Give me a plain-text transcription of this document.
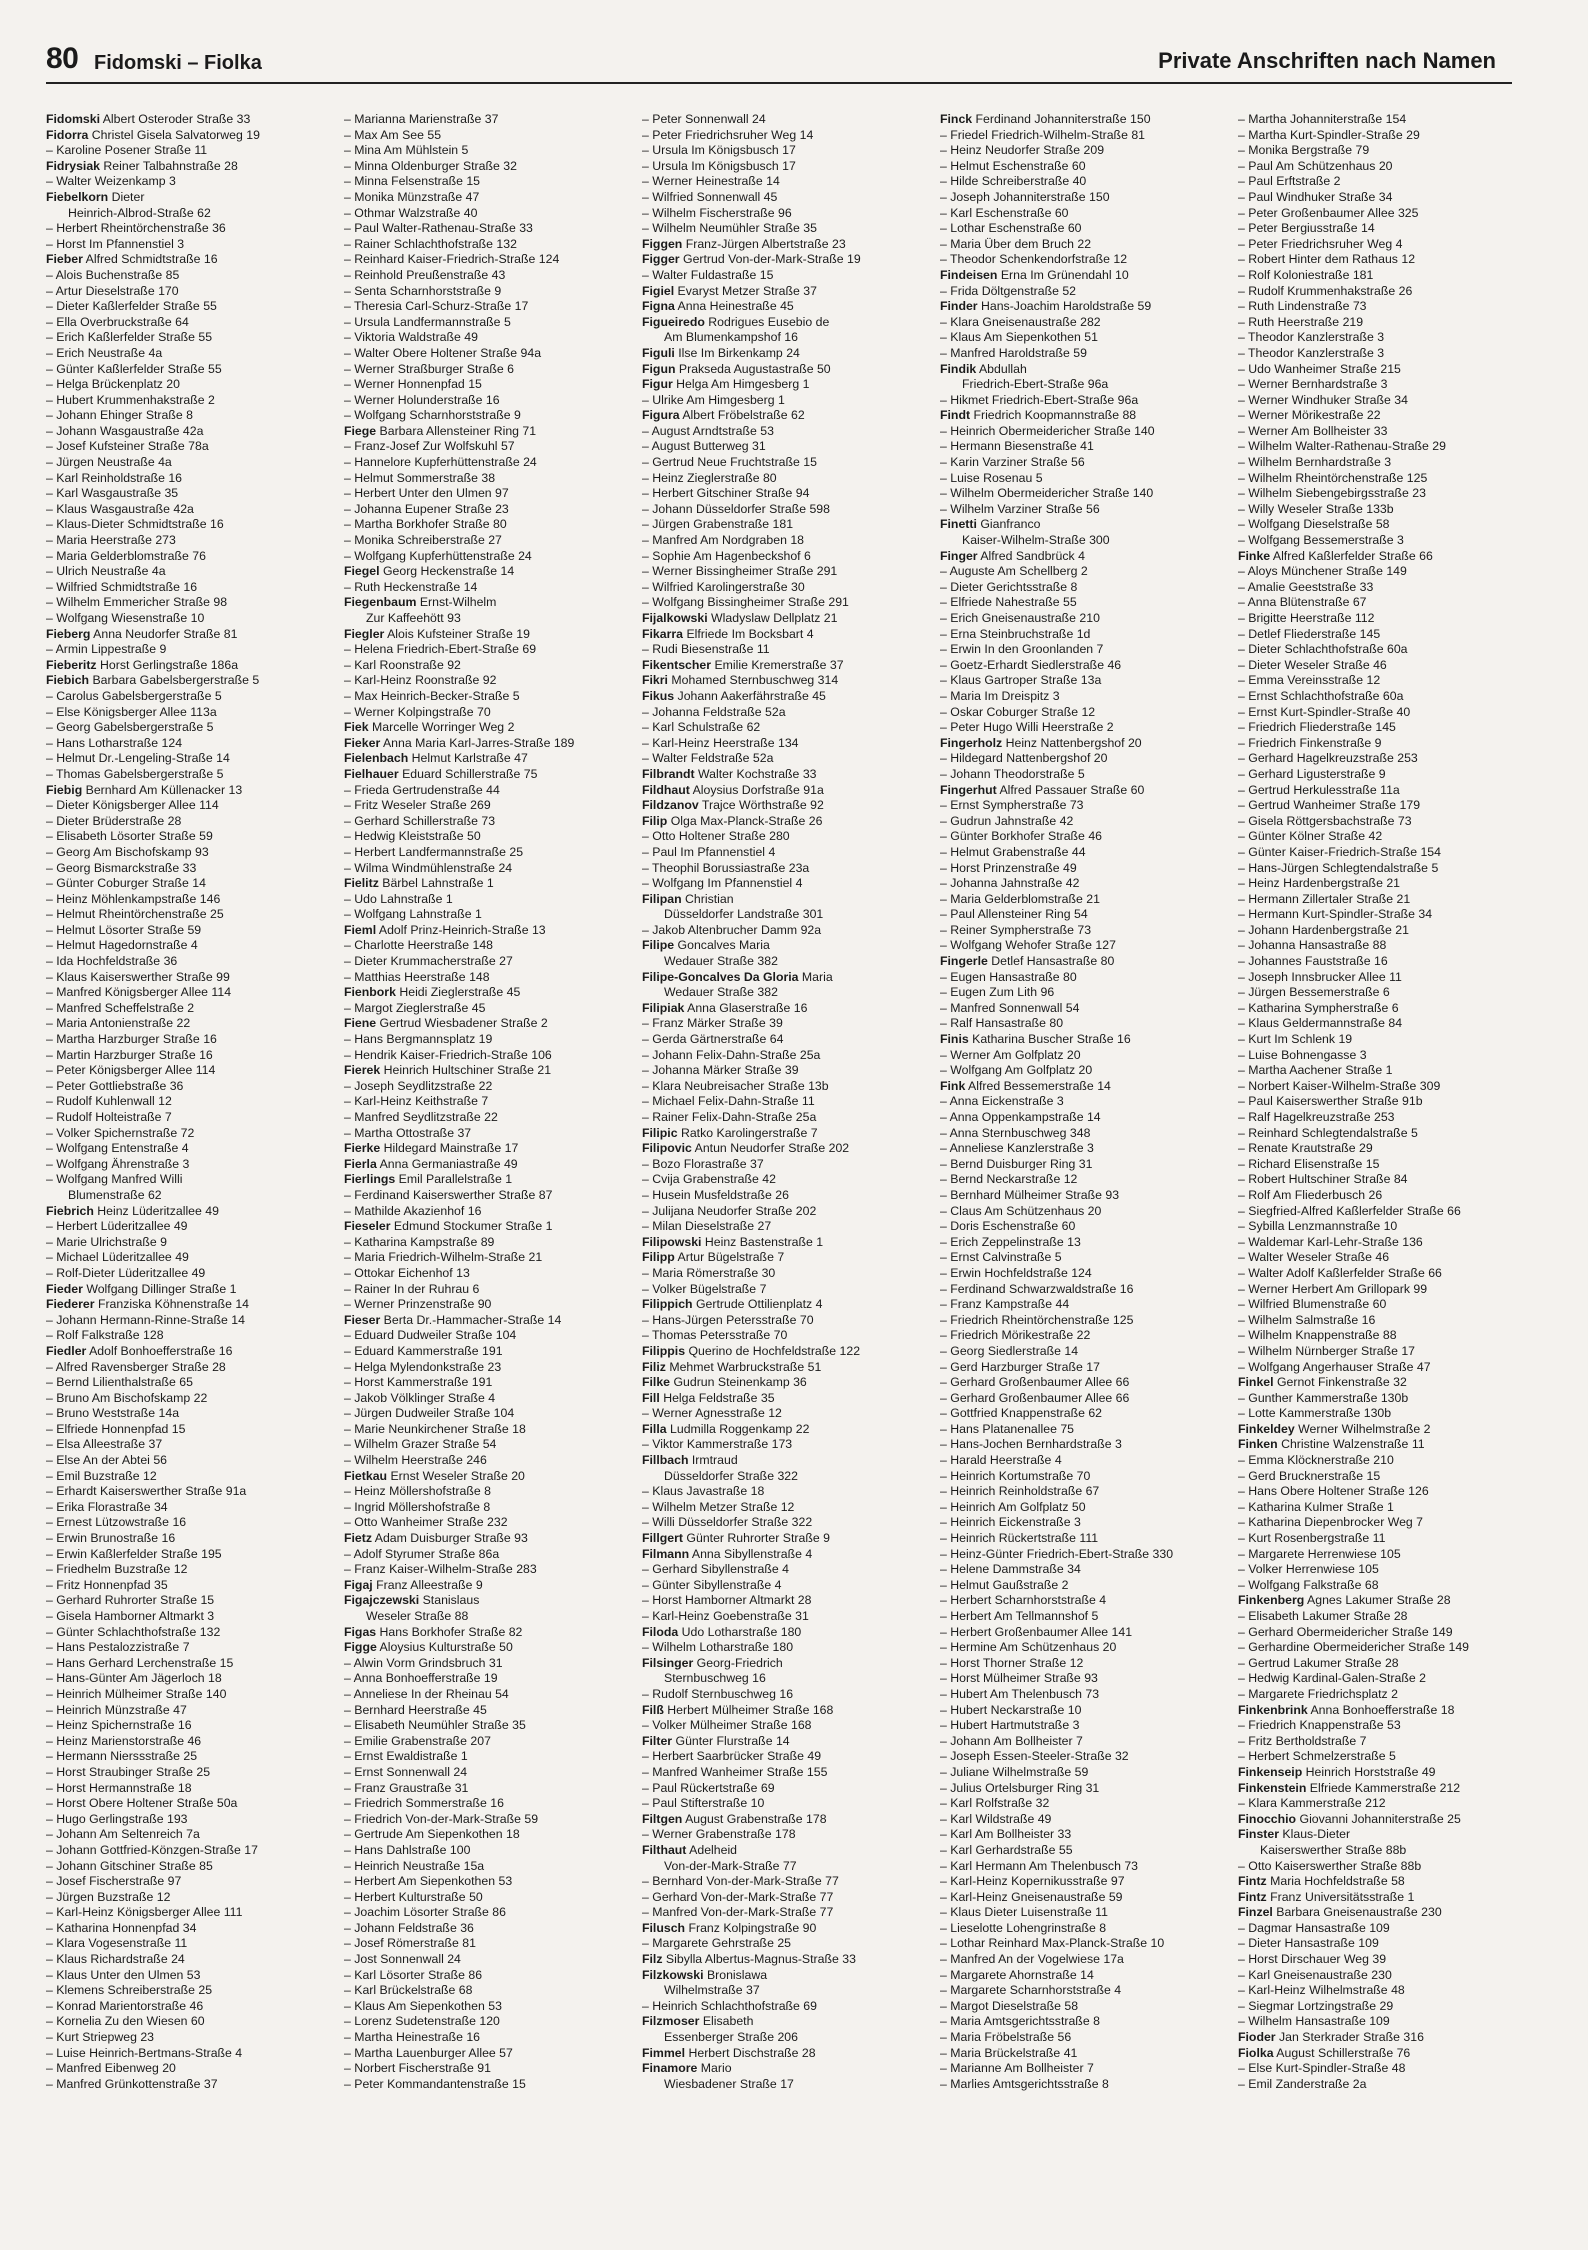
80 Fidomski – Fiolka	Private Anschriften nach Namen
Fidomski Albert Osteroder Straße 33
Fidorra Christel Gisela Salvatorweg 19
– Karoline Posener Straße 11
Fidrysiak Reiner Talbahnstraße 28
– Walter Weizenkamp 3
Fiebelkorn Dieter
Heinrich-Albrod-Straße 62
– Herbert Rheintörchenstraße 36
– Horst Im Pfannenstiel 3
Fieber Alfred Schmidtstraße 16
– Alois Buchenstraße 85
– Artur Dieselstraße 170
– Dieter Kaßlerfelder Straße 55
– Ella Overbruckstraße 64
– Erich Kaßlerfelder Straße 55
– Erich Neustraße 4a
– Günter Kaßlerfelder Straße 55
– Helga Brückenplatz 20
– Hubert Krummenhakstraße 2
– Johann Ehinger Straße 8
– Johann Wasgaustraße 42a
– Josef Kufsteiner Straße 78a
– Jürgen Neustraße 4a
– Karl Reinholdstraße 16
– Karl Wasgaustraße 35
– Klaus Wasgaustraße 42a
– Klaus-Dieter Schmidtstraße 16
– Maria Heerstraße 273
– Maria Gelderblomstraße 76
– Ulrich Neustraße 4a
– Wilfried Schmidtstraße 16
– Wilhelm Emmericher Straße 98
– Wolfgang Wiesenstraße 10
Fieberg Anna Neudorfer Straße 81
– Armin Lippestraße 9
Fieberitz Horst Gerlingstraße 186a
Fiebich Barbara Gabelsbergerstraße 5
– Carolus Gabelsbergerstraße 5
– Else Königsberger Allee 113a
– Georg Gabelsbergerstraße 5
– Hans Lotharstraße 124
– Helmut Dr.-Lengeling-Straße 14
– Thomas Gabelsbergerstraße 5
Fiebig Bernhard Am Küllenacker 13
– Dieter Königsberger Allee 114
– Dieter Brüderstraße 28
– Elisabeth Lösorter Straße 59
– Georg Am Bischofskamp 93
– Georg Bismarckstraße 33
– Günter Coburger Straße 14
– Heinz Möhlenkampstraße 146
– Helmut Rheintörchenstraße 25
– Helmut Lösorter Straße 59
– Helmut Hagedornstraße 4
– Ida Hochfeldstraße 36
– Klaus Kaiserswerther Straße 99
– Manfred Königsberger Allee 114
– Manfred Scheffelstraße 2
– Maria Antonienstraße 22
– Martha Harzburger Straße 16
– Martin Harzburger Straße 16
– Peter Königsberger Allee 114
– Peter Gottliebstraße 36
– Rudolf Kuhlenwall 12
– Rudolf Holteistraße 7
– Volker Spichernstraße 72
– Wolfgang Entenstraße 4
– Wolfgang Ährenstraße 3
– Wolfgang Manfred Willi
Blumenstraße 62
Fiebrich Heinz Lüderitzallee 49
– Herbert Lüderitzallee 49
– Marie Ulrichstraße 9
– Michael Lüderitzallee 49
– Rolf-Dieter Lüderitzallee 49
Fieder Wolfgang Dillinger Straße 1
Fiederer Franziska Köhnenstraße 14
– Johann Hermann-Rinne-Straße 14
– Rolf Falkstraße 128
Fiedler Adolf Bonhoefferstraße 16
– Alfred Ravensberger Straße 28
– Bernd Lilienthalstraße 65
– Bruno Am Bischofskamp 22
– Bruno Weststraße 14a
– Elfriede Honnenpfad 15
– Elsa Alleestraße 37
– Else An der Abtei 56
– Emil Buzstraße 12
– Erhardt Kaiserswerther Straße 91a
– Erika Florastraße 34
– Ernest Lützowstraße 16
– Erwin Brunostraße 16
– Erwin Kaßlerfelder Straße 195
– Friedhelm Buzstraße 12
– Fritz Honnenpfad 35
– Gerhard Ruhrorter Straße 15
– Gisela Hamborner Altmarkt 3
– Günter Schlachthofstraße 132
– Hans Pestalozzistraße 7
– Hans Gerhard Lerchenstraße 15
– Hans-Günter Am Jägerloch 18
– Heinrich Mülheimer Straße 140
– Heinrich Münzstraße 47
– Heinz Spichernstraße 16
– Heinz Marienstorstraße 46
– Hermann Nierssstraße 25
– Horst Straubinger Straße 25
– Horst Hermannstraße 18
– Horst Obere Holtener Straße 50a
– Hugo Gerlingstraße 193
– Johann Am Seltenreich 7a
– Johann Gottfried-Könzgen-Straße 17
– Johann Gitschiner Straße 85
– Josef Fischerstraße 97
– Jürgen Buzstraße 12
– Karl-Heinz Königsberger Allee 111
– Katharina Honnenpfad 34
– Klara Vogesenstraße 11
– Klaus Richardstraße 24
– Klaus Unter den Ulmen 53
– Klemens Schreiberstraße 25
– Konrad Marientorstraße 46
– Kornelia Zu den Wiesen 60
– Kurt Striepweg 23
– Luise Heinrich-Bertmans-Straße 4
– Manfred Eibenweg 20
– Manfred Grünkottenstraße 37
– Marianna Marienstraße 37
– Max Am See 55
– Mina Am Mühlstein 5
– Minna Oldenburger Straße 32
– Minna Felsenstraße 15
– Monika Münzstraße 47
– Othmar Walzstraße 40
– Paul Walter-Rathenau-Straße 33
– Rainer Schlachthofstraße 132
– Reinhard Kaiser-Friedrich-Straße 124
– Reinhold Preußenstraße 43
– Senta Scharnhorststraße 9
– Theresia Carl-Schurz-Straße 17
– Ursula Landfermannstraße 5
– Viktoria Waldstraße 49
– Walter Obere Holtener Straße 94a
– Werner Straßburger Straße 6
– Werner Honnenpfad 15
– Werner Holunderstraße 16
– Wolfgang Scharnhorststraße 9
Fiege Barbara Allensteiner Ring 71
– Franz-Josef Zur Wolfskuhl 57
– Hannelore Kupferhüttenstraße 24
– Helmut Sommerstraße 38
– Herbert Unter den Ulmen 97
– Johanna Eupener Straße 23
– Martha Borkhofer Straße 80
– Monika Schreiberstraße 27
– Wolfgang Kupferhüttenstraße 24
Fiegel Georg Heckenstraße 14
– Ruth Heckenstraße 14
Fiegenbaum Ernst-Wilhelm
Zur Kaffeehött 93
Fiegler Alois Kufsteiner Straße 19
– Helena Friedrich-Ebert-Straße 69
– Karl Roonstraße 92
– Karl-Heinz Roonstraße 92
– Max Heinrich-Becker-Straße 5
– Werner Kolpingstraße 70
Fiek Marcelle Worringer Weg 2
Fieker Anna Maria Karl-Jarres-Straße 189
Fielenbach Helmut Karlstraße 47
Fielhauer Eduard Schillerstraße 75
– Frieda Gertrudenstraße 44
– Fritz Weseler Straße 269
– Gerhard Schillerstraße 73
– Hedwig Kleiststraße 50
– Herbert Landfermannstraße 25
– Wilma Windmühlenstraße 24
Fielitz Bärbel Lahnstraße 1
– Udo Lahnstraße 1
– Wolfgang Lahnstraße 1
Fieml Adolf Prinz-Heinrich-Straße 13
– Charlotte Heerstraße 148
– Dieter Krummacherstraße 27
– Matthias Heerstraße 148
Fienbork Heidi Zieglerstraße 45
– Margot Zieglerstraße 45
Fiene Gertrud Wiesbadener Straße 2
– Hans Bergmannsplatz 19
– Hendrik Kaiser-Friedrich-Straße 106
Fierek Heinrich Hultschiner Straße 21
– Joseph Seydlitzstraße 22
– Karl-Heinz Keithstraße 7
– Manfred Seydlitzstraße 22
– Martha Ottostraße 37
Fierke Hildegard Mainstraße 17
Fierla Anna Germaniastraße 49
Fierlings Emil Parallelstraße 1
– Ferdinand Kaiserswerther Straße 87
– Mathilde Akazienhof 16
Fieseler Edmund Stockumer Straße 1
– Katharina Kampstraße 89
– Maria Friedrich-Wilhelm-Straße 21
– Ottokar Eichenhof 13
– Rainer In der Ruhrau 6
– Werner Prinzenstraße 90
Fieser Berta Dr.-Hammacher-Straße 14
– Eduard Dudweiler Straße 104
– Eduard Kammerstraße 191
– Helga Mylendonkstraße 23
– Horst Kammerstraße 191
– Jakob Völklinger Straße 4
– Jürgen Dudweiler Straße 104
– Marie Neunkirchener Straße 18
– Wilhelm Grazer Straße 54
– Wilhelm Heerstraße 246
Fietkau Ernst Weseler Straße 20
– Heinz Möllershofstraße 8
– Ingrid Möllershofstraße 8
– Otto Wanheimer Straße 232
Fietz Adam Duisburger Straße 93
– Adolf Styrumer Straße 86a
– Franz Kaiser-Wilhelm-Straße 283
Figaj Franz Alleestraße 9
Figajczewski Stanislaus
Weseler Straße 88
Figas Hans Borkhofer Straße 82
Figge Aloysius Kulturstraße 50
– Alwin Vorm Grindsbruch 31
– Anna Bonhoefferstraße 19
– Anneliese In der Rheinau 54
– Bernhard Heerstraße 45
– Elisabeth Neumühler Straße 35
– Emilie Grabenstraße 207
– Ernst Ewaldistraße 1
– Ernst Sonnenwall 24
– Franz Graustraße 31
– Friedrich Sommerstraße 16
– Friedrich Von-der-Mark-Straße 59
– Gertrude Am Siepenkothen 18
– Hans Dahlstraße 100
– Heinrich Neustraße 15a
– Herbert Am Siepenkothen 53
– Herbert Kulturstraße 50
– Joachim Lösorter Straße 86
– Johann Feldstraße 36
– Josef Römerstraße 81
– Jost Sonnenwall 24
– Karl Lösorter Straße 86
– Karl Brückelstraße 68
– Klaus Am Siepenkothen 53
– Lorenz Sudetenstraße 120
– Martha Heinestraße 16
– Martha Lauenburger Allee 57
– Norbert Fischerstraße 91
– Peter Kommandantenstraße 15
– Peter Sonnenwall 24
– Peter Friedrichsruher Weg 14
– Ursula Im Königsbusch 17
– Ursula Im Königsbusch 17
– Werner Heinestraße 14
– Wilfried Sonnenwall 45
– Wilhelm Fischerstraße 96
– Wilhelm Neumühler Straße 35
Figgen Franz-Jürgen Albertstraße 23
Figger Gertrud Von-der-Mark-Straße 19
– Walter Fuldastraße 15
Figiel Evaryst Metzer Straße 37
Figna Anna Heinestraße 45
Figueiredo Rodrigues Eusebio de
Am Blumenkampshof 16
Figuli Ilse Im Birkenkamp 24
Figun Prakseda Augustastraße 50
Figur Helga Am Himgesberg 1
– Ulrike Am Himgesberg 1
Figura Albert Fröbelstraße 62
– August Arndtstraße 53
– August Butterweg 31
– Gertrud Neue Fruchtstraße 15
– Heinz Zieglerstraße 80
– Herbert Gitschiner Straße 94
– Johann Düsseldorfer Straße 598
– Jürgen Grabenstraße 181
– Manfred Am Nordgraben 18
– Sophie Am Hagenbeckshof 6
– Werner Bissingheimer Straße 291
– Wilfried Karolingerstraße 30
– Wolfgang Bissingheimer Straße 291
Fijalkowski Wladyslaw Dellplatz 21
Fikarra Elfriede Im Bocksbart 4
– Rudi Biesenstraße 11
Fikentscher Emilie Kremerstraße 37
Fikri Mohamed Sternbuschweg 314
Fikus Johann Aakerfährstraße 45
– Johanna Feldstraße 52a
– Karl Schulstraße 62
– Karl-Heinz Heerstraße 134
– Walter Feldstraße 52a
Filbrandt Walter Kochstraße 33
Fildhaut Aloysius Dorfstraße 91a
Fildzanov Trajce Wörthstraße 92
Filip Olga Max-Planck-Straße 26
– Otto Holtener Straße 280
– Paul Im Pfannenstiel 4
– Theophil Borussiastraße 23a
– Wolfgang Im Pfannenstiel 4
Filipan Christian
Düsseldorfer Landstraße 301
– Jakob Altenbrucher Damm 92a
Filipe Goncalves Maria
Wedauer Straße 382
Filipe-Goncalves Da Gloria Maria
Wedauer Straße 382
Filipiak Anna Glaserstraße 16
– Franz Märker Straße 39
– Gerda Gärtnerstraße 64
– Johann Felix-Dahn-Straße 25a
– Johanna Märker Straße 39
– Klara Neubreisacher Straße 13b
– Michael Felix-Dahn-Straße 11
– Rainer Felix-Dahn-Straße 25a
Filipic Ratko Karolingerstraße 7
Filipovic Antun Neudorfer Straße 202
– Bozo Florastraße 37
– Cvija Grabenstraße 42
– Husein Musfeldstraße 26
– Julijana Neudorfer Straße 202
– Milan Dieselstraße 27
Filipowski Heinz Bastenstraße 1
Filipp Artur Bügelstraße 7
– Maria Römerstraße 30
– Volker Bügelstraße 7
Filippich Gertrude Ottilienplatz 4
– Hans-Jürgen Petersstraße 70
– Thomas Petersstraße 70
Filippis Querino de Hochfeldstraße 122
Filiz Mehmet Warbruckstraße 51
Filke Gudrun Steinenkamp 36
Fill Helga Feldstraße 35
– Werner Agnesstraße 12
Filla Ludmilla Roggenkamp 22
– Viktor Kammerstraße 173
Fillbach Irmtraud
Düsseldorfer Straße 322
– Klaus Javastraße 18
– Wilhelm Metzer Straße 12
– Willi Düsseldorfer Straße 322
Fillgert Günter Ruhrorter Straße 9
Filmann Anna Sibyllenstraße 4
– Gerhard Sibyllenstraße 4
– Günter Sibyllenstraße 4
– Horst Hamborner Altmarkt 28
– Karl-Heinz Goebenstraße 31
Filoda Udo Lotharstraße 180
– Wilhelm Lotharstraße 180
Filsinger Georg-Friedrich
Sternbuschweg 16
– Rudolf Sternbuschweg 16
Filß Herbert Mülheimer Straße 168
– Volker Mülheimer Straße 168
Filter Günter Flurstraße 14
– Herbert Saarbrücker Straße 49
– Manfred Wanheimer Straße 155
– Paul Rückertstraße 69
– Paul Stifterstraße 10
Filtgen August Grabenstraße 178
– Werner Grabenstraße 178
Filthaut Adelheid
Von-der-Mark-Straße 77
– Bernhard Von-der-Mark-Straße 77
– Gerhard Von-der-Mark-Straße 77
– Manfred Von-der-Mark-Straße 77
Filusch Franz Kolpingstraße 90
– Margarete Gehrstraße 25
Filz Sibylla Albertus-Magnus-Straße 33
Filzkowski Bronislawa
Wilhelmstraße 37
– Heinrich Schlachthofstraße 69
Filzmoser Elisabeth
Essenberger Straße 206
Fimmel Herbert Dischstraße 28
Finamore Mario
Wiesbadener Straße 17
Finck Ferdinand Johanniterstraße 150
– Friedel Friedrich-Wilhelm-Straße 81
– Heinz Neudorfer Straße 209
– Helmut Eschenstraße 60
– Hilde Schreiberstraße 40
– Joseph Johanniterstraße 150
– Karl Eschenstraße 60
– Lothar Eschenstraße 60
– Maria Über dem Bruch 22
– Theodor Schenkendorfstraße 12
Findeisen Erna Im Grünendahl 10
– Frida Döltgenstraße 52
Finder Hans-Joachim Haroldstraße 59
– Klara Gneisenaustraße 282
– Klaus Am Siepenkothen 51
– Manfred Haroldstraße 59
Findik Abdullah
Friedrich-Ebert-Straße 96a
– Hikmet Friedrich-Ebert-Straße 96a
Findt Friedrich Koopmannstraße 88
– Heinrich Obermeidericher Straße 140
– Hermann Biesenstraße 41
– Karin Varziner Straße 56
– Luise Rosenau 5
– Wilhelm Obermeidericher Straße 140
– Wilhelm Varziner Straße 56
Finetti Gianfranco
Kaiser-Wilhelm-Straße 300
Finger Alfred Sandbrück 4
– Auguste Am Schellberg 2
– Dieter Gerichtsstraße 8
– Elfriede Nahestraße 55
– Erich Gneisenaustraße 210
– Erna Steinbruchstraße 1d
– Erwin In den Groonlanden 7
– Goetz-Erhardt Siedlerstraße 46
– Klaus Gartroper Straße 13a
– Maria Im Dreispitz 3
– Oskar Coburger Straße 12
– Peter Hugo Willi Heerstraße 2
Fingerholz Heinz Nattenbergshof 20
– Hildegard Nattenbergshof 20
– Johann Theodorstraße 5
Fingerhut Alfred Passauer Straße 60
– Ernst Sympherstraße 73
– Gudrun Jahnstraße 42
– Günter Borkhofer Straße 46
– Helmut Grabenstraße 44
– Horst Prinzenstraße 49
– Johanna Jahnstraße 42
– Maria Gelderblomstraße 21
– Paul Allensteiner Ring 54
– Reiner Sympherstraße 73
– Wolfgang Wehofer Straße 127
Fingerle Detlef Hansastraße 80
– Eugen Hansastraße 80
– Eugen Zum Lith 96
– Manfred Sonnenwall 54
– Ralf Hansastraße 80
Finis Katharina Buscher Straße 16
– Werner Am Golfplatz 20
– Wolfgang Am Golfplatz 20
Fink Alfred Bessemerstraße 14
– Anna Eickenstraße 3
– Anna Oppenkampstraße 14
– Anna Sternbuschweg 348
– Anneliese Kanzlerstraße 3
– Bernd Duisburger Ring 31
– Bernd Neckarstraße 12
– Bernhard Mülheimer Straße 93
– Claus Am Schützenhaus 20
– Doris Eschenstraße 60
– Erich Zeppelinstraße 13
– Ernst Calvinstraße 5
– Erwin Hochfeldstraße 124
– Ferdinand Schwarzwaldstraße 16
– Franz Kampstraße 44
– Friedrich Rheintörchenstraße 125
– Friedrich Mörikestraße 22
– Georg Siedlerstraße 14
– Gerd Harzburger Straße 17
– Gerhard Großenbaumer Allee 66
– Gerhard Großenbaumer Allee 66
– Gottfried Knappenstraße 62
– Hans Platanenallee 75
– Hans-Jochen Bernhardstraße 3
– Harald Heerstraße 4
– Heinrich Kortumstraße 70
– Heinrich Reinholdstraße 67
– Heinrich Am Golfplatz 50
– Heinrich Eickenstraße 3
– Heinrich Rückertstraße 111
– Heinz-Günter Friedrich-Ebert-Straße 330
– Helene Dammstraße 34
– Helmut Gaußstraße 2
– Herbert Scharnhorststraße 4
– Herbert Am Tellmannshof 5
– Herbert Großenbaumer Allee 141
– Hermine Am Schützenhaus 20
– Horst Thorner Straße 12
– Horst Mülheimer Straße 93
– Hubert Am Thelenbusch 73
– Hubert Neckarstraße 10
– Hubert Hartmutstraße 3
– Johann Am Bollheister 7
– Joseph Essen-Steeler-Straße 32
– Juliane Wilhelmstraße 59
– Julius Ortelsburger Ring 31
– Karl Rolfstraße 32
– Karl Wildstraße 49
– Karl Am Bollheister 33
– Karl Gerhardstraße 55
– Karl Hermann Am Thelenbusch 73
– Karl-Heinz Kopernikusstraße 97
– Karl-Heinz Gneisenaustraße 59
– Klaus Dieter Luisenstraße 11
– Lieselotte Lohengrinstraße 8
– Lothar Reinhard Max-Planck-Straße 10
– Manfred An der Vogelwiese 17a
– Margarete Ahornstraße 14
– Margarete Scharnhorststraße 4
– Margot Dieselstraße 58
– Maria Amtsgerichtsstraße 8
– Maria Fröbelstraße 56
– Maria Brückelstraße 41
– Marianne Am Bollheister 7
– Marlies Amtsgerichtsstraße 8
– Martha Johanniterstraße 154
– Martha Kurt-Spindler-Straße 29
– Monika Bergstraße 79
– Paul Am Schützenhaus 20
– Paul Erftstraße 2
– Paul Windhuker Straße 34
– Peter Großenbaumer Allee 325
– Peter Bergiusstraße 14
– Peter Friedrichsruher Weg 4
– Robert Hinter dem Rathaus 12
– Rolf Koloniestraße 181
– Rudolf Krummenhakstraße 26
– Ruth Lindenstraße 73
– Ruth Heerstraße 219
– Theodor Kanzlerstraße 3
– Theodor Kanzlerstraße 3
– Udo Wanheimer Straße 215
– Werner Bernhardstraße 3
– Werner Windhuker Straße 34
– Werner Mörikestraße 22
– Werner Am Bollheister 33
– Wilhelm Walter-Rathenau-Straße 29
– Wilhelm Bernhardstraße 3
– Wilhelm Rheintörchenstraße 125
– Wilhelm Siebengebirgsstraße 23
– Willy Weseler Straße 133b
– Wolfgang Dieselstraße 58
– Wolfgang Bessemerstraße 3
Finke Alfred Kaßlerfelder Straße 66
– Aloys Münchener Straße 149
– Amalie Geeststraße 33
– Anna Blütenstraße 67
– Brigitte Heerstraße 112
– Detlef Fliederstraße 145
– Dieter Schlachthofstraße 60a
– Dieter Weseler Straße 46
– Emma Vereinsstraße 12
– Ernst Schlachthofstraße 60a
– Ernst Kurt-Spindler-Straße 40
– Friedrich Fliederstraße 145
– Friedrich Finkenstraße 9
– Gerhard Hagelkreuzstraße 253
– Gerhard Ligusterstraße 9
– Gertrud Herkulesstraße 11a
– Gertrud Wanheimer Straße 179
– Gisela Röttgersbachstraße 73
– Günter Kölner Straße 42
– Günter Kaiser-Friedrich-Straße 154
– Hans-Jürgen Schlegtendalstraße 5
– Heinz Hardenbergstraße 21
– Hermann Zillertaler Straße 21
– Hermann Kurt-Spindler-Straße 34
– Johann Hardenbergstraße 21
– Johanna Hansastraße 88
– Johannes Fauststraße 16
– Joseph Innsbrucker Allee 11
– Jürgen Bessemerstraße 6
– Katharina Sympherstraße 6
– Klaus Geldermannstraße 84
– Kurt Im Schlenk 19
– Luise Bohnengasse 3
– Martha Aachener Straße 1
– Norbert Kaiser-Wilhelm-Straße 309
– Paul Kaiserswerther Straße 91b
– Ralf Hagelkreuzstraße 253
– Reinhard Schlegtendalstraße 5
– Renate Krautstraße 29
– Richard Elisenstraße 15
– Robert Hultschiner Straße 84
– Rolf Am Fliederbusch 26
– Siegfried-Alfred Kaßlerfelder Straße 66
– Sybilla Lenzmannstraße 10
– Waldemar Karl-Lehr-Straße 136
– Walter Weseler Straße 46
– Walter Adolf Kaßlerfelder Straße 66
– Werner Herbert Am Grillopark 99
– Wilfried Blumenstraße 60
– Wilhelm Salmstraße 16
– Wilhelm Knappenstraße 88
– Wilhelm Nürnberger Straße 17
– Wolfgang Angerhauser Straße 47
Finkel Gernot Finkenstraße 32
– Gunther Kammerstraße 130b
– Lotte Kammerstraße 130b
Finkeldey Werner Wilhelmstraße 2
Finken Christine Walzenstraße 11
– Emma Klöcknerstraße 210
– Gerd Brucknerstraße 15
– Hans Obere Holtener Straße 126
– Katharina Kulmer Straße 1
– Katharina Diepenbrocker Weg 7
– Kurt Rosenbergstraße 11
– Margarete Herrenwiese 105
– Volker Herrenwiese 105
– Wolfgang Falkstraße 68
Finkenberg Agnes Lakumer Straße 28
– Elisabeth Lakumer Straße 28
– Gerhard Obermeidericher Straße 149
– Gerhardine Obermeidericher Straße 149
– Gertrud Lakumer Straße 28
– Hedwig Kardinal-Galen-Straße 2
– Margarete Friedrichsplatz 2
Finkenbrink Anna Bonhoefferstraße 18
– Friedrich Knappenstraße 53
– Fritz Bertholdstraße 7
– Herbert Schmelzerstraße 5
Finkenseip Heinrich Horststraße 49
Finkenstein Elfriede Kammerstraße 212
– Klara Kammerstraße 212
Finocchio Giovanni Johanniterstraße 25
Finster Klaus-Dieter
Kaiserswerther Straße 88b
– Otto Kaiserswerther Straße 88b
Fintz Maria Hochfeldstraße 58
Fintz Franz Universitätsstraße 1
Finzel Barbara Gneisenaustraße 230
– Dagmar Hansastraße 109
– Dieter Hansastraße 109
– Horst Dirschauer Weg 39
– Karl Gneisenaustraße 230
– Karl-Heinz Wilhelmstraße 48
– Siegmar Lortzingstraße 29
– Wilhelm Hansastraße 109
Fioder Jan Sterkrader Straße 316
Fiolka August Schillerstraße 76
– Else Kurt-Spindler-Straße 48
– Emil Zanderstraße 2a
